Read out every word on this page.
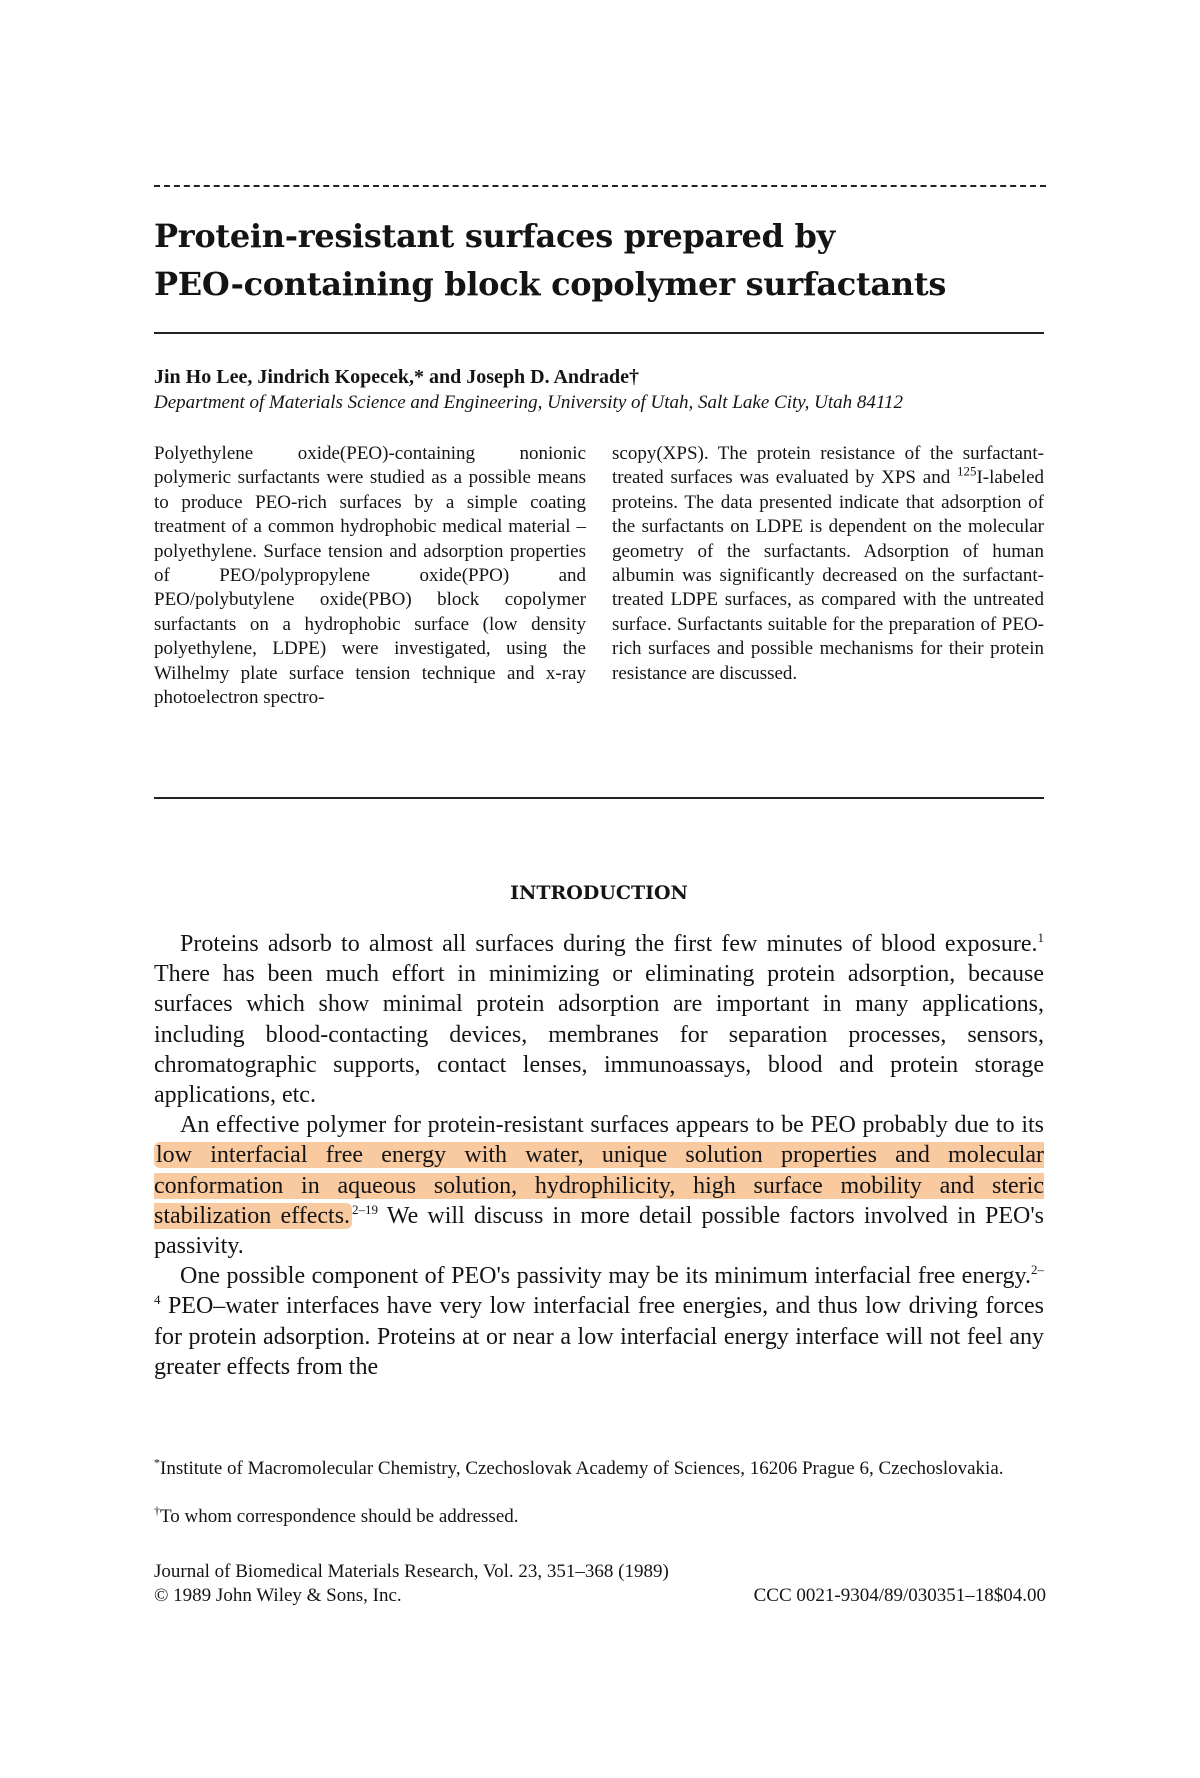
Protein-resistant surfaces prepared by
PEO-containing block copolymer surfactants
Jin Ho Lee, Jindrich Kopecek,* and Joseph D. Andrade†
Department of Materials Science and Engineering, University of Utah, Salt Lake City, Utah 84112
Polyethylene oxide(PEO)-containing nonionic polymeric surfactants were studied as a possible means to produce PEO-rich surfaces by a simple coating treatment of a common hydrophobic medical material – polyethylene. Surface tension and adsorption properties of PEO/polypropylene oxide(PPO) and PEO/polybutylene oxide(PBO) block copolymer surfactants on a hydrophobic surface (low density polyethylene, LDPE) were investigated, using the Wilhelmy plate surface tension technique and x-ray photoelectron spectro-
scopy(XPS). The protein resistance of the surfactant-treated surfaces was evaluated by XPS and $^{125}$I-labeled proteins. The data presented indicate that adsorption of the surfactants on LDPE is dependent on the molecular geometry of the surfactants. Adsorption of human albumin was significantly decreased on the surfactant-treated LDPE surfaces, as compared with the untreated surface. Surfactants suitable for the preparation of PEO-rich surfaces and possible mechanisms for their protein resistance are discussed.
INTRODUCTION

Proteins adsorb to almost all surfaces during the first few minutes of blood exposure.$^1$ There has been much effort in minimizing or eliminating protein adsorption, because surfaces which show minimal protein adsorption are important in many applications, including blood-contacting devices, membranes for separation processes, sensors, chromatographic supports, contact lenses, immunoassays, blood and protein storage applications, etc.

An effective polymer for protein-resistant surfaces appears to be PEO probably due to its low interfacial free energy with water, unique solution properties and molecular conformation in aqueous solution, hydrophilicity, high surface mobility and steric stabilization effects. $^{2-19}$ We will discuss in more detail possible factors involved in PEO's passivity.

One possible component of PEO's passivity may be its minimum interfacial free energy.$^{2-4}$ PEO–water interfaces have very low interfacial free energies, and thus low driving forces for protein adsorption. Proteins at or near a low interfacial energy interface will not feel any greater effects from the

*Institute of Macromolecular Chemistry, Czechoslovak Academy of Sciences, 16206 Prague 6, Czechoslovakia.
†To whom correspondence should be addressed.
Journal of Biomedical Materials Research, Vol. 23, 351–368 (1989)
© 1989 John Wiley & Sons, Inc.	CCC 0021-9304/89/030351–18$04.00
